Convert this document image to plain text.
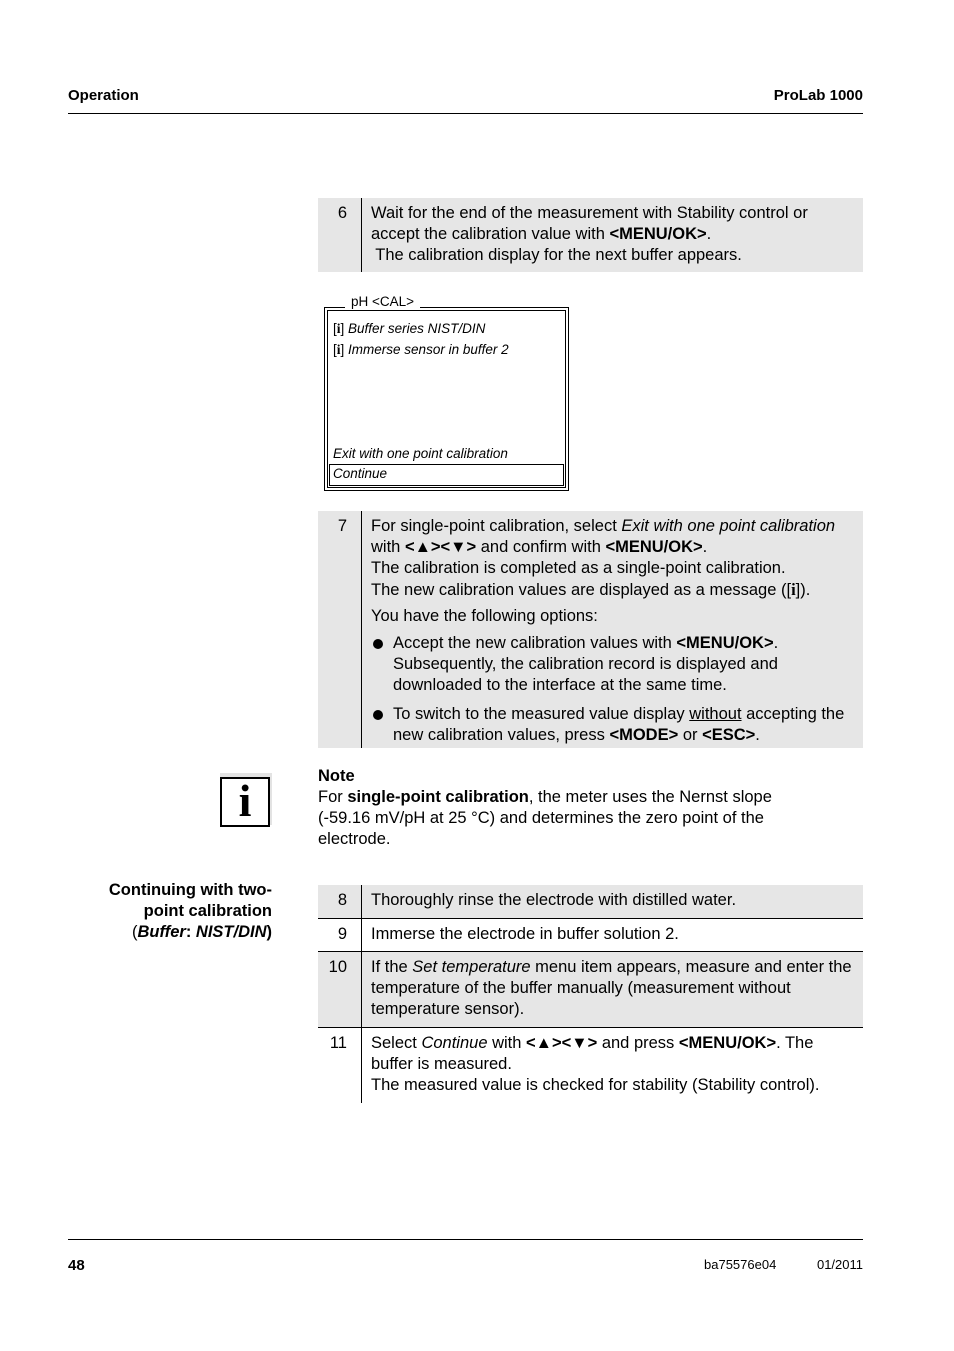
Operation	ProLab 1000
6	Wait for the end of the measurement with Stability control or accept the calibration value with <MENU/OK>.
The calibration display for the next buffer appears.
pH <CAL>
[i] Buffer series NIST/DIN
[i] Immerse sensor in buffer 2
Exit with one point calibration
Continue
7	For single-point calibration, select Exit with one point calibration with <▲><▼> and confirm with <MENU/OK>.
The calibration is completed as a single-point calibration.
The new calibration values are displayed as a message ([i]).
You have the following options:
Accept the new calibration values with <MENU/OK>.
Subsequently, the calibration record is displayed and downloaded to the interface at the same time.
To switch to the measured value display without accepting the new calibration values, press <MODE> or <ESC>.
i	Note
For single-point calibration, the meter uses the Nernst slope (-59.16 mV/pH at 25 °C) and determines the zero point of the electrode.
Continuing with two-
point calibration
(Buffer: NIST/DIN)
8	Thoroughly rinse the electrode with distilled water.
9	Immerse the electrode in buffer solution 2.
10	If the Set temperature menu item appears, measure and enter the temperature of the buffer manually (measurement without temperature sensor).
11	Select Continue with <▲><▼> and press <MENU/OK>. The buffer is measured.
The measured value is checked for stability (Stability control).
48	ba75576e04	01/2011
